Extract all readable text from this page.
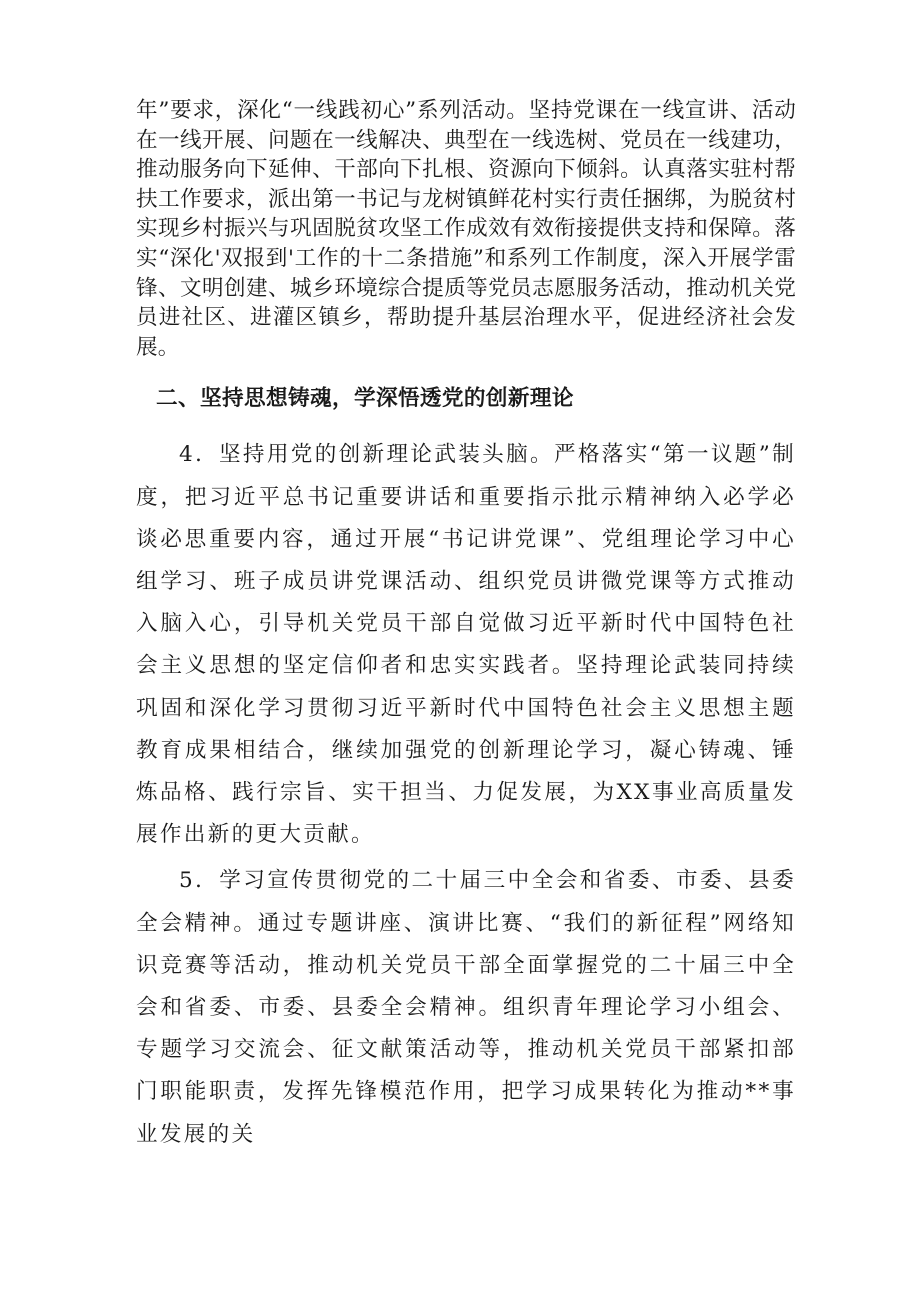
年”要求，深化“一线践初心”系列活动。坚持党课在一线宣讲、活动在一线开展、问题在一线解决、典型在一线选树、党员在一线建功，推动服务向下延伸、干部向下扎根、资源向下倾斜。认真落实驻村帮扶工作要求，派出第一书记与龙树镇鲜花村实行责任捆绑，为脱贫村实现乡村振兴与巩固脱贫攻坚工作成效有效衔接提供支持和保障。落实“深化'双报到'工作的十二条措施”和系列工作制度，深入开展学雷锋、文明创建、城乡环境综合提质等党员志愿服务活动，推动机关党员进社区、进灌区镇乡，帮助提升基层治理水平，促进经济社会发展。

二、坚持思想铸魂，学深悟透党的创新理论

4．坚持用党的创新理论武装头脑。严格落实“第一议题”制度，把习近平总书记重要讲话和重要指示批示精神纳入必学必谈必思重要内容，通过开展“书记讲党课”、党组理论学习中心组学习、班子成员讲党课活动、组织党员讲微党课等方式推动入脑入心，引导机关党员干部自觉做习近平新时代中国特色社会主义思想的坚定信仰者和忠实实践者。坚持理论武装同持续巩固和深化学习贯彻习近平新时代中国特色社会主义思想主题教育成果相结合，继续加强党的创新理论学习，凝心铸魂、锤炼品格、践行宗旨、实干担当、力促发展，为XX事业高质量发展作出新的更大贡献。

5．学习宣传贯彻党的二十届三中全会和省委、市委、县委全会精神。通过专题讲座、演讲比赛、“我们的新征程”网络知识竞赛等活动，推动机关党员干部全面掌握党的二十届三中全会和省委、市委、县委全会精神。组织青年理论学习小组会、专题学习交流会、征文献策活动等，推动机关党员干部紧扣部门职能职责，发挥先锋模范作用，把学习成果转化为推动**事业发展的关
